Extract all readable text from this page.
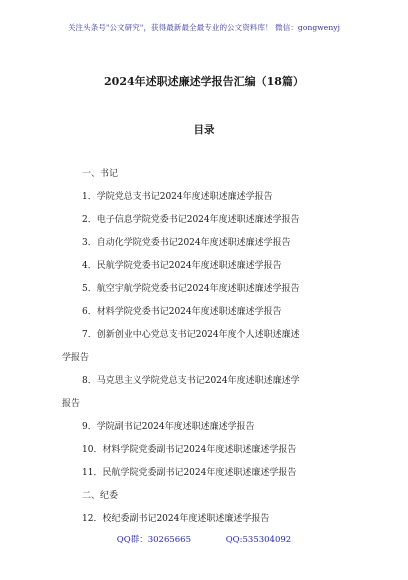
关注头条号"公文研究"，获得最新最全最专业的公文资料库！ 微信：gongwenyj
2024年述职述廉述学报告汇编（18篇）
目录
一、书记
1．学院党总支书记2024年度述职述廉述学报告
2．电子信息学院党委书记2024年度述职述廉述学报告
3．自动化学院党委书记2024年度述职述廉述学报告
4．民航学院党委书记2024年度述职述廉述学报告
5．航空宇航学院党委书记2024年度述职述廉述学报告
6．材料学院党委书记2024年度述职述廉述学报告
7．创新创业中心党总支书记2024年度个人述职述廉述
学报告
8．马克思主义学院党总支书记2024年度述职述廉述学
报告
9．学院副书记2024年度述职述廉述学报告
10．材料学院党委副书记2024年度述职述廉述学报告
11．民航学院党委副书记2024年度述职述廉述学报告
二、纪委
12．校纪委副书记2024年度述职述廉述学报告
QQ群：30265665	QQ:535304092
